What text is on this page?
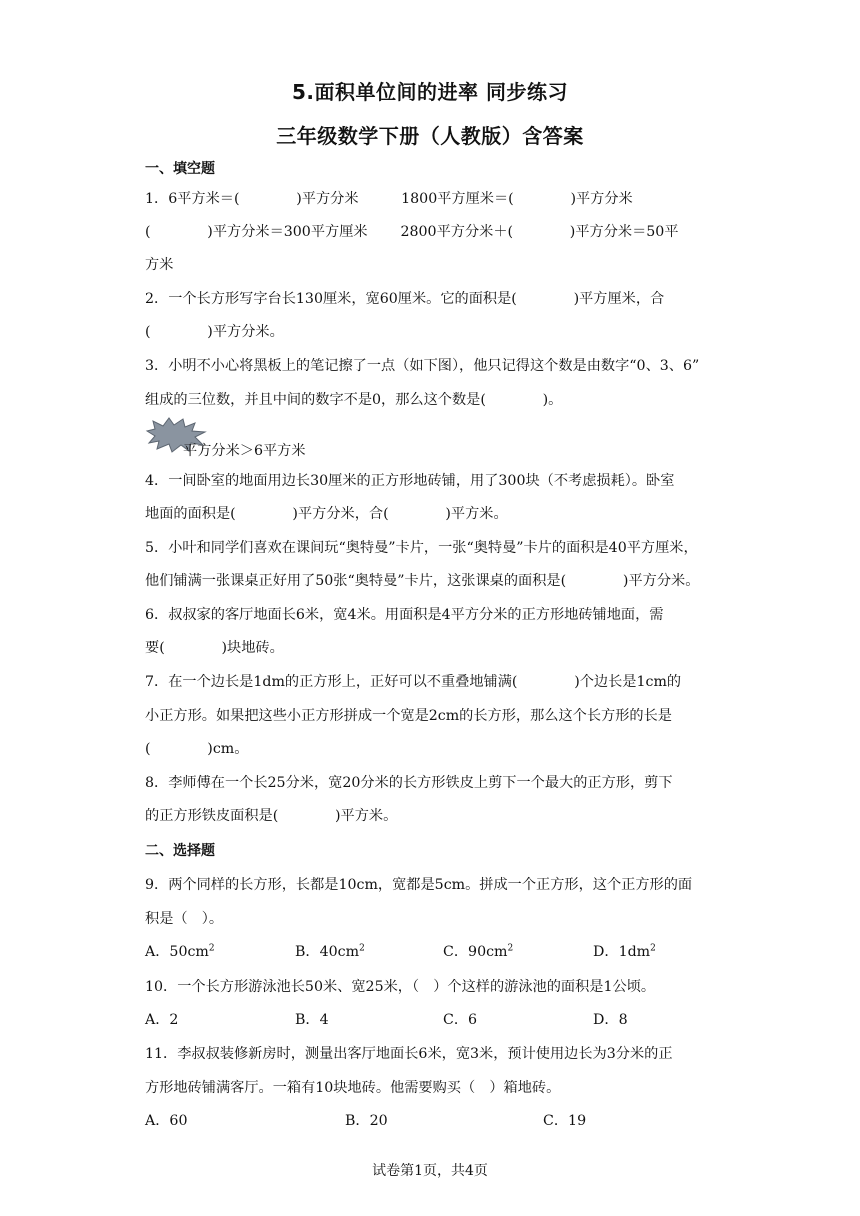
5.面积单位间的进率 同步练习
三年级数学下册（人教版）含答案
一、填空题
1．6平方米＝(　　　　)平方分米　　　1800平方厘米＝(　　　　)平方分米
(　　　　)平方分米＝300平方厘米　　 2800平方分米＋(　　　　)平方分米＝50平
方米
2．一个长方形写字台长130厘米，宽60厘米。它的面积是(　　　　)平方厘米，合
(　　　　)平方分米。
3．小明不小心将黑板上的笔记擦了一点（如下图），他只记得这个数是由数字“0、3、6”
组成的三位数，并且中间的数字不是0，那么这个数是(　　　　)。
平方分米＞6平方米
4．一间卧室的地面用边长30厘米的正方形地砖铺，用了300块（不考虑损耗）。卧室
地面的面积是(　　　　)平方分米，合(　　　　)平方米。
5．小叶和同学们喜欢在课间玩“奥特曼”卡片，一张“奥特曼”卡片的面积是40平方厘米，
他们铺满一张课桌正好用了50张“奥特曼”卡片，这张课桌的面积是(　　　　)平方分米。
6．叔叔家的客厅地面长6米，宽4米。用面积是4平方分米的正方形地砖铺地面，需
要(　　　　)块地砖。
7．在一个边长是1dm的正方形上，正好可以不重叠地铺满(　　　　)个边长是1cm的
小正方形。如果把这些小正方形拼成一个宽是2cm的长方形，那么这个长方形的长是
(　　　　)cm。
8．李师傅在一个长25分米，宽20分米的长方形铁皮上剪下一个最大的正方形，剪下
的正方形铁皮面积是(　　　　)平方米。
二、选择题
9．两个同样的长方形，长都是10cm，宽都是5cm。拼成一个正方形，这个正方形的面
积是（　）。
A．$50cm^2$	B．$40cm^2$	C．$90cm^2$	D．$1dm^2$
10．一个长方形游泳池长50米、宽25米，（　）个这样的游泳池的面积是1公顷。
A．2	B．4	C．6	D．8
11．李叔叔装修新房时，测量出客厅地面长6米，宽3米，预计使用边长为3分米的正
方形地砖铺满客厅。一箱有10块地砖。他需要购买（　）箱地砖。
A．60	B．20	C．19
试卷第1页，共4页
